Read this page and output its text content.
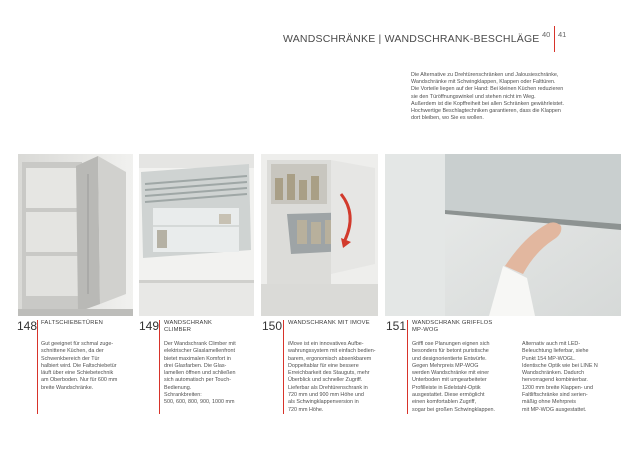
WANDSCHRÄNKE | WANDSCHRANK-BESCHLÄGE 40 41
Die Alternative zu Drehtürenschränken und Jalousieschränke,
Wandschränke mit Schwingklappen, Klappen oder Falttüren.
Die Vorteile liegen auf der Hand: Bei kleinen Küchen reduzieren
sie den Türöffnungswinkel und stehen nicht im Weg.
Außerdem ist die Kopffreiheit bei allen Schränken gewährleistet.
Hochwertige Beschlagtechniken garantieren, dass die Klappen
dort bleiben, wo Sie es wollen.
148 FALTSCHIEBETÜREN
Gut geeignet für schmal zuge-
schnittene Küchen, da der
Schwenkbereich der Tür
halbiert wird. Die Faltschiebetür
läuft über eine Schiebetechnik
am Oberboden. Nur für 600 mm
breite Wandschränke.
149 WANDSCHRANK
CLIMBER
Der Wandschrank Climber mit
elektrischer Glaslamellenfront
bietet maximalen Komfort in
drei Glasfarben. Die Glas-
lamellen öffnen und schließen
sich automatisch per Touch-
Bedienung.
Schrankbreiten:
500, 600, 800, 900, 1000 mm
150 WANDSCHRANK MIT IMOVE
iMove ist ein innovatives Aufbe-
wahrungssystem mit einfach bedien-
barem, ergonomisch absenkbarem
Doppeltablar für eine bessere
Erreichbarkeit des Stauguts, mehr
Überblick und schneller Zugriff.
Lieferbar als Drehtürenschrank in
720 mm und 900 mm Höhe und
als Schwingklappenversion in
720 mm Höhe.
151 WANDSCHRANK GRIFFLOS
MP-WOG
Griffl ose Planungen eignen sich
besonders für betont puristische
und designorientierte Entwürfe.
Gegen Mehrpreis MP-WOG
werden Wandschränke mit einer
Unterboden mit umgearbeiteter
Profilleiste in Edelstahl-Optik
ausgestattet. Diese ermöglicht
einen komfortablen Zugriff,
sogar bei großen Schwingklappen.
Alternativ auch mit LED-
Beleuchtung lieferbar, siehe
Punkt 154 MP-WOGL.
Identische Optik wie bei LINE N
Wandschränken. Dadurch
hervorragend kombinierbar.
1200 mm breite Klappen- und
Faltliftschränke sind serien-
mäßig ohne Mehrpreis
mit MP-WOG ausgestattet.
